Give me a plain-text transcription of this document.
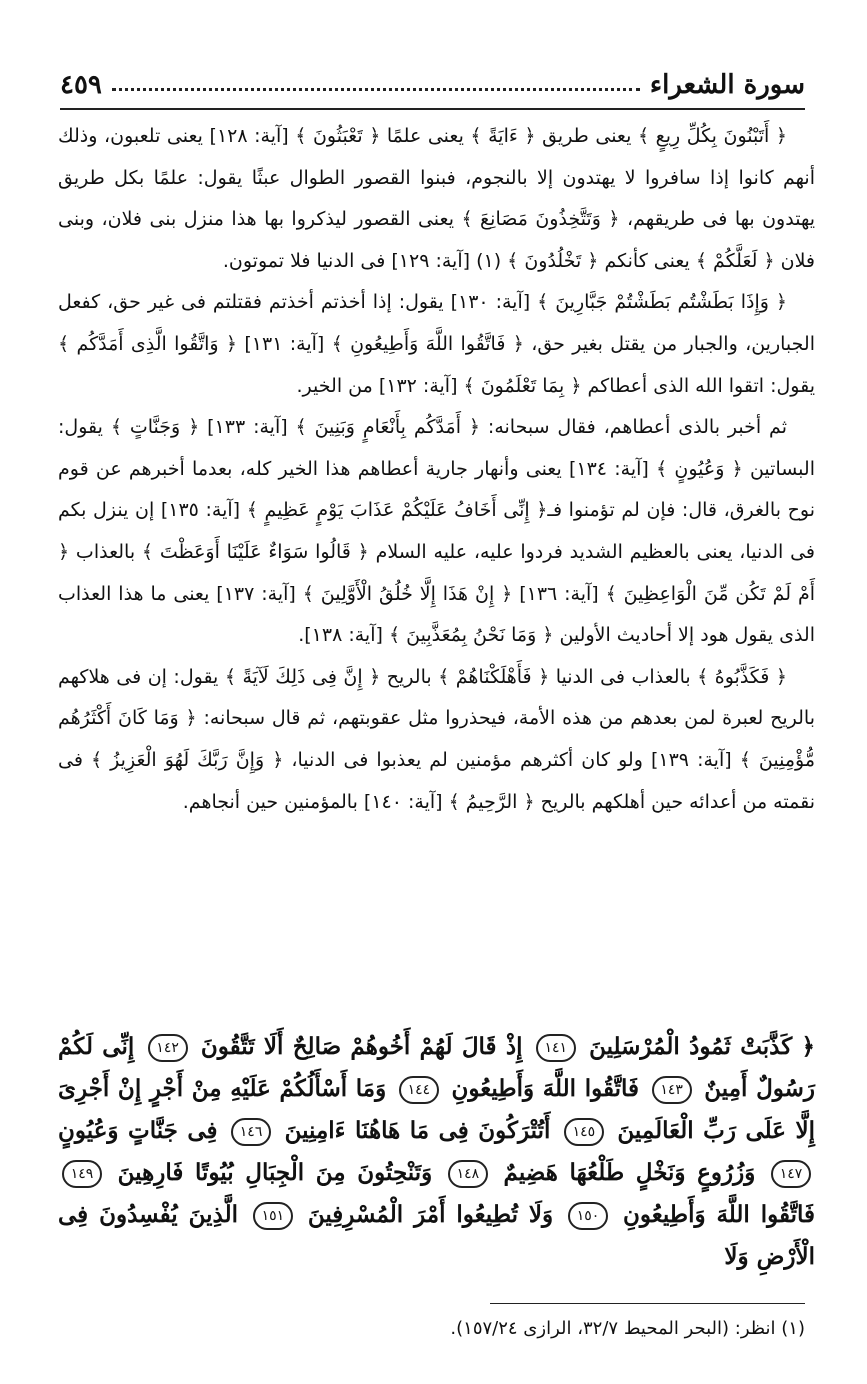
سورة الشعراء
٤٥٩

﴿ أَتَبْنُونَ بِكُلِّ رِيعٍ ﴾ يعنى طريق ﴿ ءَايَةً ﴾ يعنى علمًا ﴿ تَعْبَثُونَ ﴾ [آية: ١٢٨] يعنى تلعبون، وذلك أنهم كانوا إذا سافروا لا يهتدون إلا بالنجوم، فبنوا القصور الطوال عبثًا يقول: علمًا بكل طريق يهتدون بها فى طريقهم، ﴿ وَتَتَّخِذُونَ مَصَانِعَ ﴾ يعنى القصور ليذكروا بها هذا منزل بنى فلان، وبنى فلان ﴿ لَعَلَّكُمْ ﴾ يعنى كأنكم ﴿ تَخْلُدُونَ ﴾ (١) [آية: ١٢٩] فى الدنيا فلا تموتون.

﴿ وَإِذَا بَطَشْتُم بَطَشْتُمْ جَبَّارِينَ ﴾ [آية: ١٣٠] يقول: إذا أخذتم أخذتم فقتلتم فى غير حق، كفعل الجبارين، والجبار من يقتل بغير حق، ﴿ فَاتَّقُوا اللَّهَ وَأَطِيعُونِ ﴾ [آية: ١٣١] ﴿ وَاتَّقُوا الَّذِى أَمَدَّكُم ﴾ يقول: اتقوا الله الذى أعطاكم ﴿ بِمَا تَعْلَمُونَ ﴾ [آية: ١٣٢] من الخير.

ثم أخبر بالذى أعطاهم، فقال سبحانه: ﴿ أَمَدَّكُم بِأَنْعَامٍ وَبَنِينَ ﴾ [آية: ١٣٣] ﴿ وَجَنَّاتٍ ﴾ يقول: البساتين ﴿ وَعُيُونٍ ﴾ [آية: ١٣٤] يعنى وأنهار جارية أعطاهم هذا الخير كله، بعدما أخبرهم عن قوم نوح بالغرق، قال: فإن لم تؤمنوا فـ﴿ إِنِّى أَخَافُ عَلَيْكُمْ عَذَابَ يَوْمٍ عَظِيمٍ ﴾ [آية: ١٣٥] إن ينزل بكم فى الدنيا، يعنى بالعظيم الشديد فردوا عليه، عليه السلام ﴿ قَالُوا سَوَاءٌ عَلَيْنَا أَوَعَظْتَ ﴾ بالعذاب ﴿ أَمْ لَمْ تَكُن مِّنَ الْوَاعِظِينَ ﴾ [آية: ١٣٦] ﴿ إِنْ هَذَا إِلَّا خُلُقُ الْأَوَّلِينَ ﴾ [آية: ١٣٧] يعنى ما هذا العذاب الذى يقول هود إلا أحاديث الأولين ﴿ وَمَا نَحْنُ بِمُعَذَّبِينَ ﴾ [آية: ١٣٨].

﴿ فَكَذَّبُوهُ ﴾ بالعذاب فى الدنيا ﴿ فَأَهْلَكْنَاهُمْ ﴾ بالريح ﴿ إِنَّ فِى ذَلِكَ لَآيَةً ﴾ يقول: إن فى هلاكهم بالريح لعبرة لمن بعدهم من هذه الأمة، فيحذروا مثل عقوبتهم، ثم قال سبحانه: ﴿ وَمَا كَانَ أَكْثَرُهُم مُّؤْمِنِينَ ﴾ [آية: ١٣٩] ولو كان أكثرهم مؤمنين لم يعذبوا فى الدنيا، ﴿ وَإِنَّ رَبَّكَ لَهُوَ الْعَزِيزُ ﴾ فى نقمته من أعدائه حين أهلكهم بالريح ﴿ الرَّحِيمُ ﴾ [آية: ١٤٠] بالمؤمنين حين أنجاهم.

﴿ كَذَّبَتْ ثَمُودُ الْمُرْسَلِينَ ١٤١ إِذْ قَالَ لَهُمْ أَخُوهُمْ صَالِحٌ أَلَا تَتَّقُونَ ١٤٢ إِنِّى لَكُمْ رَسُولٌ أَمِينٌ ١٤٣ فَاتَّقُوا اللَّهَ وَأَطِيعُونِ ١٤٤ وَمَا أَسْأَلُكُمْ عَلَيْهِ مِنْ أَجْرٍ إِنْ أَجْرِىَ إِلَّا عَلَى رَبِّ الْعَالَمِينَ ١٤٥ أَتُتْرَكُونَ فِى مَا هَاهُنَا ءَامِنِينَ ١٤٦ فِى جَنَّاتٍ وَعُيُونٍ ١٤٧ وَزُرُوعٍ وَنَخْلٍ طَلْعُهَا هَضِيمٌ ١٤٨ وَتَنْحِتُونَ مِنَ الْجِبَالِ بُيُوتًا فَارِهِينَ ١٤٩ فَاتَّقُوا اللَّهَ وَأَطِيعُونِ ١٥٠ وَلَا تُطِيعُوا أَمْرَ الْمُسْرِفِينَ ١٥١ الَّذِينَ يُفْسِدُونَ فِى الْأَرْضِ وَلَا
(١) انظر: (البحر المحيط ٣٢/٧، الرازى ١٥٧/٢٤).
